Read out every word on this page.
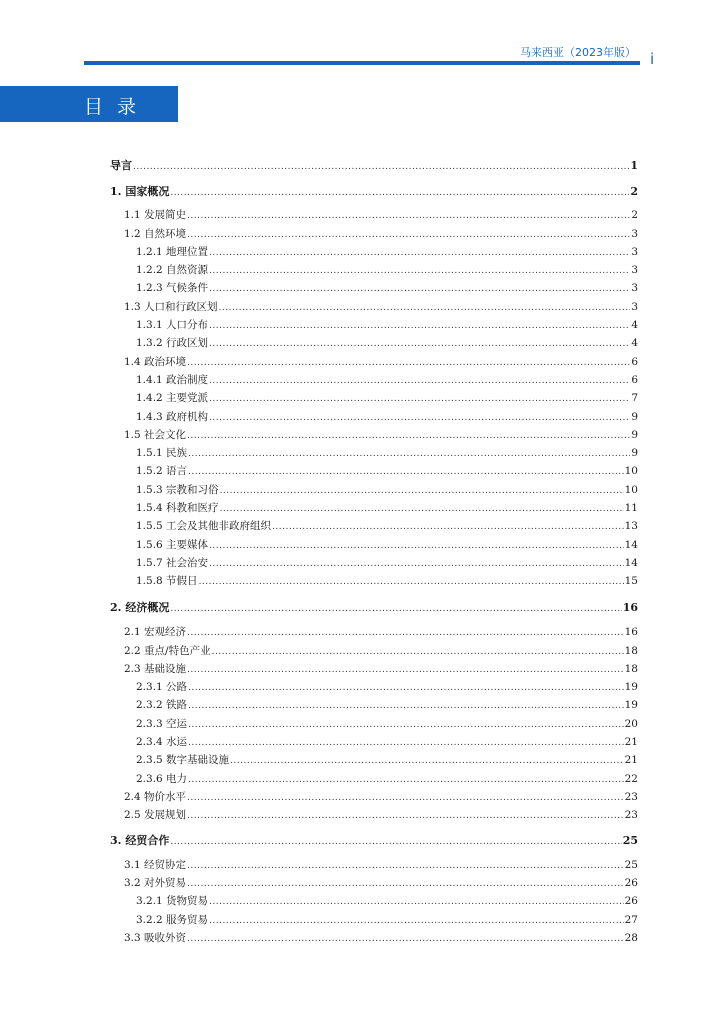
马来西亚（2023年版） i
目录
导言 .....	1
1. 国家概况 .....	2
1.1 发展简史 .....	2
1.2 自然环境 .....	3
1.2.1 地理位置 .....	3
1.2.2 自然资源 .....	3
1.2.3 气候条件 .....	3
1.3 人口和行政区划 .....	3
1.3.1 人口分布 .....	4
1.3.2 行政区划 .....	4
1.4 政治环境 .....	6
1.4.1 政治制度 .....	6
1.4.2 主要党派 .....	7
1.4.3 政府机构 .....	9
1.5 社会文化 .....	9
1.5.1 民族 .....	9
1.5.2 语言 .....	10
1.5.3 宗教和习俗 .....	10
1.5.4 科教和医疗 .....	11
1.5.5 工会及其他非政府组织 .....	13
1.5.6 主要媒体 .....	14
1.5.7 社会治安 .....	14
1.5.8 节假日 .....	15
2. 经济概况 .....	16
2.1 宏观经济 .....	16
2.2 重点/特色产业 .....	18
2.3 基础设施 .....	18
2.3.1 公路 .....	19
2.3.2 铁路 .....	19
2.3.3 空运 .....	20
2.3.4 水运 .....	21
2.3.5 数字基础设施 .....	21
2.3.6 电力 .....	22
2.4 物价水平 .....	23
2.5 发展规划 .....	23
3. 经贸合作 .....	25
3.1 经贸协定 .....	25
3.2 对外贸易 .....	26
3.2.1 货物贸易 .....	26
3.2.2 服务贸易 .....	27
3.3 吸收外资 .....	28
